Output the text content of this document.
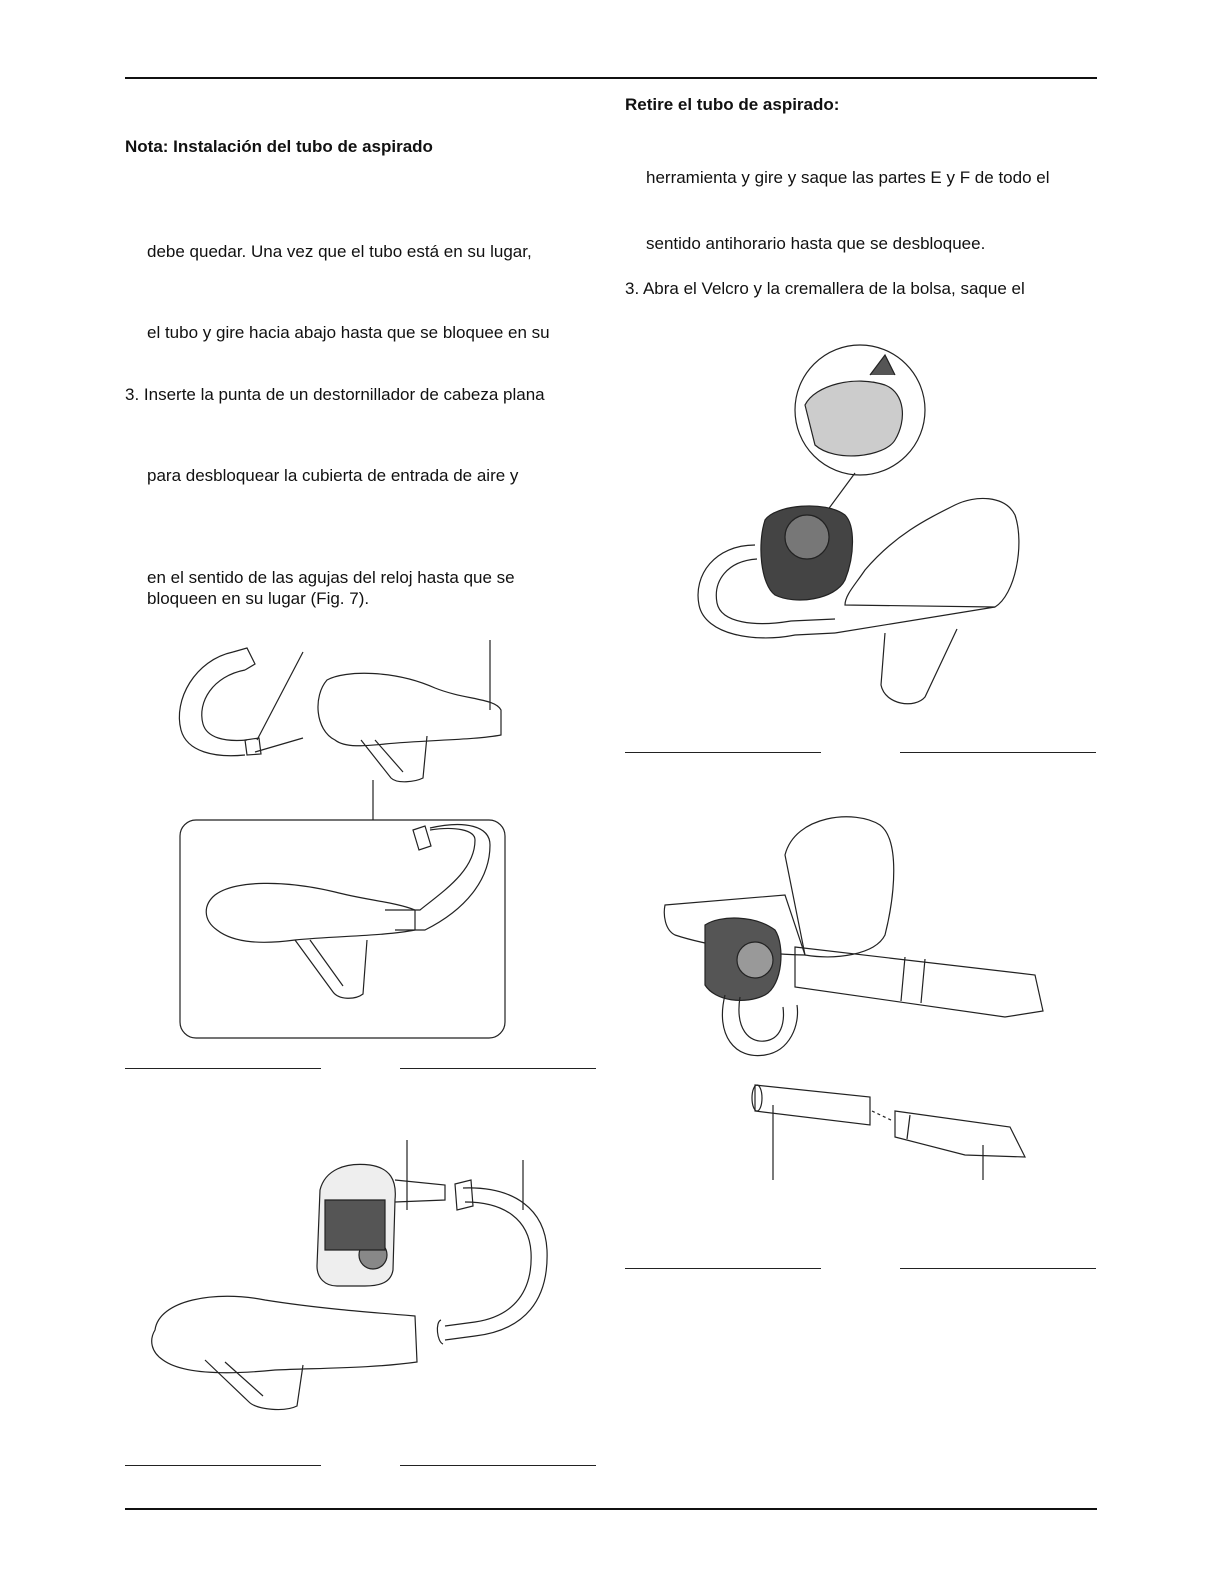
Nota: Instalación del tubo de aspirado
debe quedar. Una vez que el tubo está en su lugar,
el tubo y gire hacia abajo hasta que se bloquee en su
3. Inserte la punta de un destornillador de cabeza plana
para desbloquear la cubierta de entrada de aire y
en el sentido de las agujas del reloj hasta que se
bloqueen en su lugar (Fig. 7).
Retire el tubo de aspirado:
herramienta y gire y saque las partes E y F de todo el
sentido antihorario hasta que se desbloquee.
3. Abra el Velcro y la cremallera de la bolsa, saque el
